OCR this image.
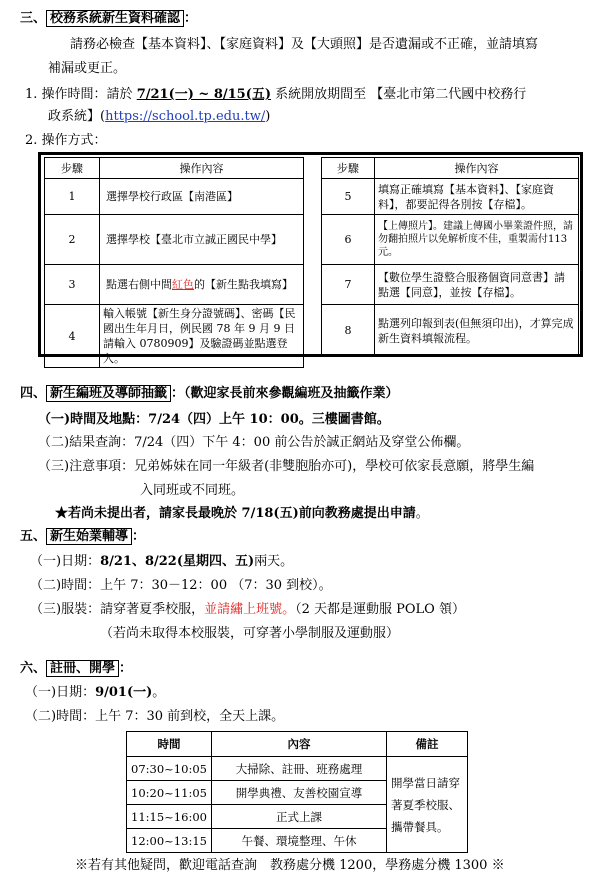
三、 校務系統新生資料確認 ：
請務必檢查【基本資料】、【家庭資料】及【大頭照】是否遺漏或不正確，並請填寫
補漏或更正。
1. 操作時間：請於 7/21(一) ~ 8/15(五) 系統開放期間至 【臺北市第二代國中校務行
政系統】(https://school.tp.edu.tw/)
2. 操作方式：
步驟	操作內容
1	選擇學校行政區【南港區】
2	選擇學校【臺北市立誠正國民中學】
3	點選右側中間紅色的【新生點我填寫】
4	輸入帳號【新生身分證號碼】、密碼【民國出生年月日，例民國 78 年 9 月 9 日請輸入 0780909】及驗證碼並點選登入。
步驟	操作內容
5	填寫正確填寫【基本資料】、【家庭資料】，都要記得各別按【存檔】。
6	【上傳照片】。建議上傳國小畢業證件照，請勿翻拍照片以免解析度不佳，重製需付113元。
7	【數位學生證整合服務個資同意書】請點選【同意】，並按【存檔】。
8	點選列印報到表(但無須印出)，才算完成新生資料填報流程。
四、 新生編班及導師抽籤 ：（歡迎家長前來參觀編班及抽籤作業）
（一)時間及地點：7/24（四）上午 10：00。三樓圖書館。
（二)結果查詢：7/24（四）下午 4：00 前公告於誠正網站及穿堂公佈欄。
（三)注意事項：兄弟姊妹在同一年級者(非雙胞胎亦可)，學校可依家長意願，將學生編
入同班或不同班。
★若尚未提出者，請家長最晚於 7/18(五)前向教務處提出申請。
五、 新生始業輔導 ：
（一)日期：8/21、8/22(星期四、五)兩天。
（二)時間：上午 7：30－12：00 （7：30 到校）。
（三)服裝：請穿著夏季校服，並請繡上班號。（2 天都是運動服 POLO 領）
（若尚未取得本校服裝，可穿著小學制服及運動服）
六、 註冊、開學 ：
（一)日期：9/01(一)。
（二)時間：上午 7：30 前到校，全天上課。
時間	內容	備註
07:30~10:05	大掃除、註冊、班務處理	開學當日請穿著夏季校服、攜帶餐具。
10:20~11:05	開學典禮、友善校園宣導	
11:15~16:00	正式上課	
12:00~13:15	午餐、環境整理、午休	
※若有其他疑問，歡迎電話查詢　教務處分機 1200，學務處分機 1300 ※
